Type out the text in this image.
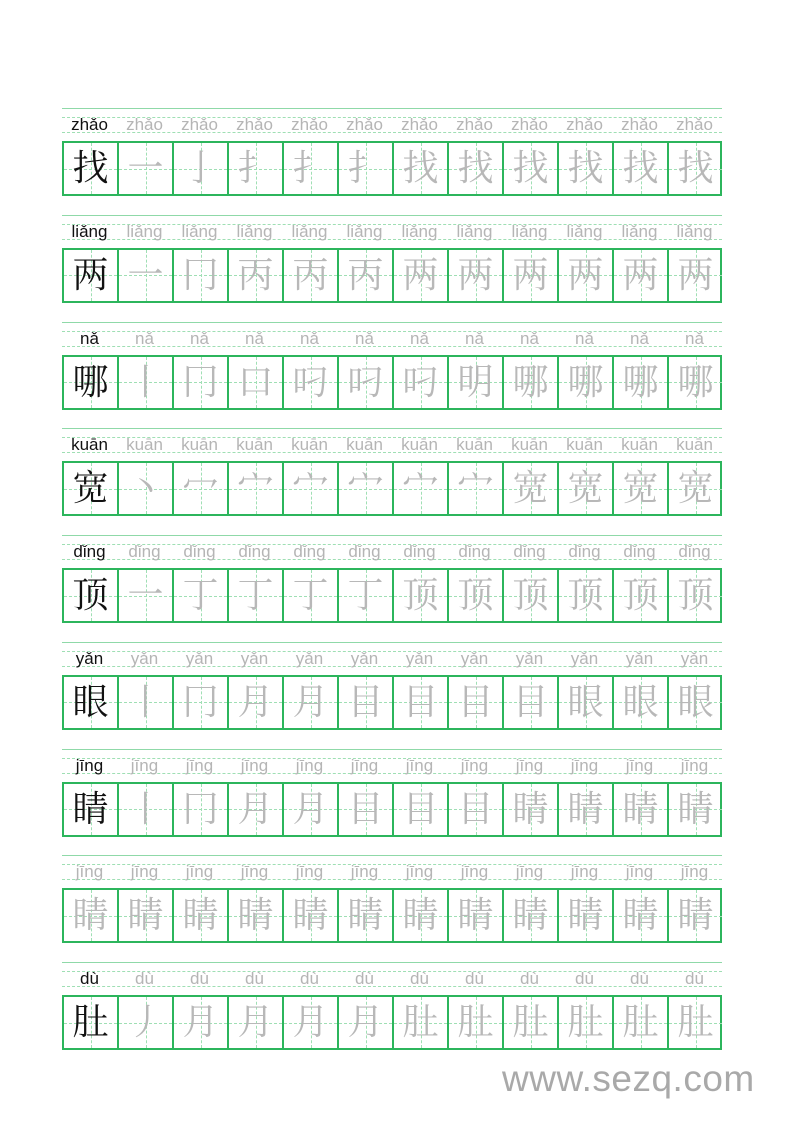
zhǎo	zhǎo	zhǎo	zhǎo	zhǎo	zhǎo	zhǎo	zhǎo	zhǎo	zhǎo	zhǎo	zhǎo
找 一 亅 扌 扌 扌 找 找 找 找 找 找
liǎng	liǎng	liǎng	liǎng	liǎng	liǎng	liǎng	liǎng	liǎng	liǎng	liǎng	liǎng
两 一 冂 丙 丙 丙 两 两 两 两 两 两
nǎ	nǎ	nǎ	nǎ	nǎ	nǎ	nǎ	nǎ	nǎ	nǎ	nǎ	nǎ
哪 丨 冂 口 叼 叼 叼 明 哪 哪 哪 哪
kuān	kuān	kuān	kuān	kuān	kuān	kuān	kuān	kuān	kuān	kuān	kuān
宽 丶 冖 宀 宀 宀 宀 宀 宽 宽 宽 宽
dǐng	dǐng	dǐng	dǐng	dǐng	dǐng	dǐng	dǐng	dǐng	dǐng	dǐng	dǐng
顶 一 丁 丁 丁 丁 顶 顶 顶 顶 顶 顶
yǎn	yǎn	yǎn	yǎn	yǎn	yǎn	yǎn	yǎn	yǎn	yǎn	yǎn	yǎn
眼 丨 冂 月 月 目 目 目 目 眼 眼 眼
jīng	jīng	jīng	jīng	jīng	jīng	jīng	jīng	jīng	jīng	jīng	jīng
睛 丨 冂 月 月 目 目 目 睛 睛 睛 睛
jīng	jīng	jīng	jīng	jīng	jīng	jīng	jīng	jīng	jīng	jīng	jīng
睛 睛 睛 睛 睛 睛 睛 睛 睛 睛 睛 睛
dù	dù	dù	dù	dù	dù	dù	dù	dù	dù	dù	dù
肚 丿 月 月 月 月 肚 肚 肚 肚 肚 肚
www.sezq.com
